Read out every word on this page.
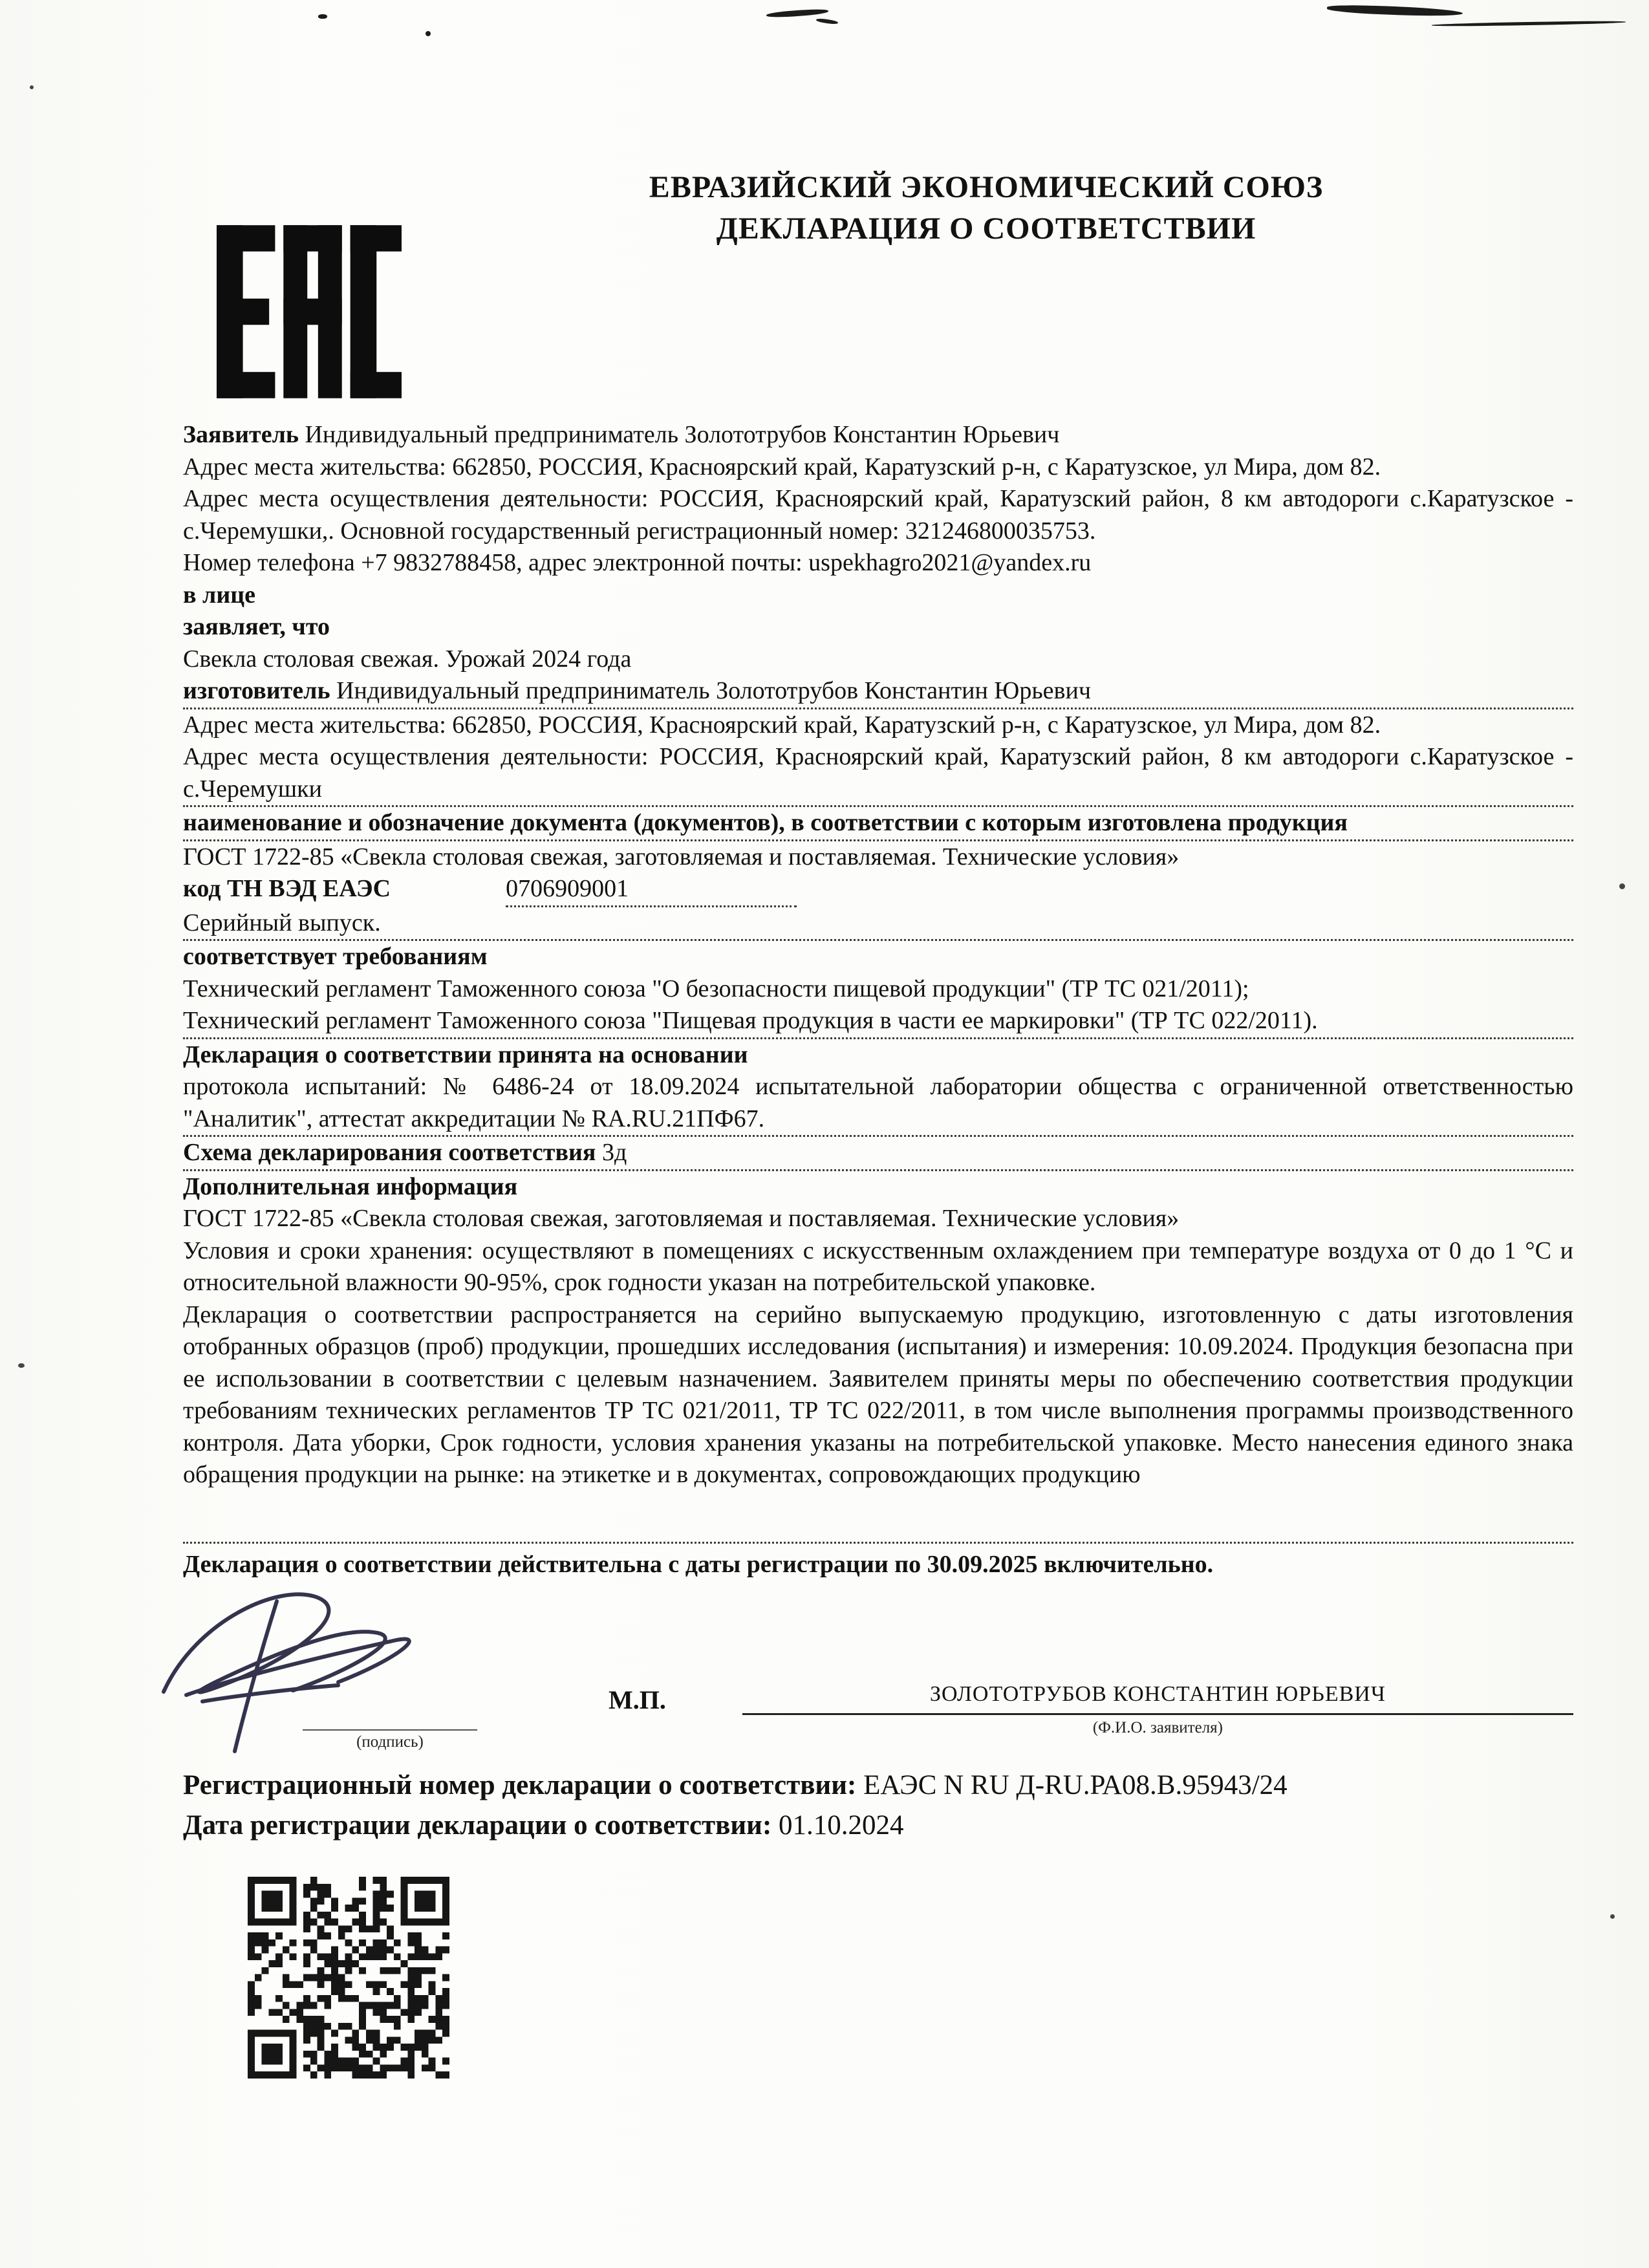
ЕВРАЗИЙСКИЙ ЭКОНОМИЧЕСКИЙ СОЮЗ
ДЕКЛАРАЦИЯ О СООТВЕТСТВИИ

Заявитель Индивидуальный предприниматель Золототрубов Константин Юрьевич

Адрес места жительства: 662850, РОССИЯ, Красноярский край, Каратузский р-н, с Каратузское, ул Мира, дом 82.

Адрес места осуществления деятельности: РОССИЯ, Красноярский край, Каратузский район, 8 км автодороги с.Каратузское - с.Черемушки,. Основной государственный регистрационный номер: 321246800035753.

Номер телефона +7 9832788458, адрес электронной почты: uspekhagro2021@yandex.ru

в лице

заявляет, что

Свекла столовая свежая. Урожай 2024 года

изготовитель Индивидуальный предприниматель Золототрубов Константин Юрьевич

Адрес места жительства: 662850, РОССИЯ, Красноярский край, Каратузский р-н, с Каратузское, ул Мира, дом 82.

Адрес места осуществления деятельности: РОССИЯ, Красноярский край, Каратузский район, 8 км автодороги с.Каратузское - с.Черемушки

наименование и обозначение документа (документов), в соответствии с которым изготовлена продукция

ГОСТ 1722-85 «Свекла столовая свежая, заготовляемая и поставляемая. Технические условия»

код ТН ВЭД ЕАЭС	0706909001

Серийный выпуск.

соответствует требованиям

Технический регламент Таможенного союза "О безопасности пищевой продукции" (ТР ТС 021/2011);

Технический регламент Таможенного союза "Пищевая продукция в части ее маркировки" (ТР ТС 022/2011).

Декларация о соответствии принята на основании

протокола испытаний: № 6486-24 от 18.09.2024 испытательной лаборатории общества с ограниченной ответственностью "Аналитик", аттестат аккредитации № RA.RU.21ПФ67.

Схема декларирования соответствия 3д

Дополнительная информация

ГОСТ 1722-85 «Свекла столовая свежая, заготовляемая и поставляемая. Технические условия»

Условия и сроки хранения: осуществляют в помещениях с искусственным охлаждением при температуре воздуха от 0 до 1 °С и относительной влажности 90-95%, срок годности указан на потребительской упаковке.

Декларация о соответствии распространяется на серийно выпускаемую продукцию, изготовленную с даты изготовления отобранных образцов (проб) продукции, прошедших исследования (испытания) и измерения: 10.09.2024. Продукция безопасна при ее использовании в соответствии с целевым назначением. Заявителем приняты меры по обеспечению соответствия продукции требованиям технических регламентов ТР ТС 021/2011, ТР ТС 022/2011, в том числе выполнения программы производственного контроля. Дата уборки, Срок годности, условия хранения указаны на потребительской упаковке. Место нанесения единого знака обращения продукции на рынке: на этикетке и в документах, сопровождающих продукцию

Декларация о соответствии действительна с даты регистрации по 30.09.2025 включительно.

(подпись)
М.П.	ЗОЛОТОТРУБОВ КОНСТАНТИН ЮРЬЕВИЧ
(Ф.И.О. заявителя)

Регистрационный номер декларации о соответствии: ЕАЭС N RU Д-RU.РА08.В.95943/24

Дата регистрации декларации о соответствии: 01.10.2024
